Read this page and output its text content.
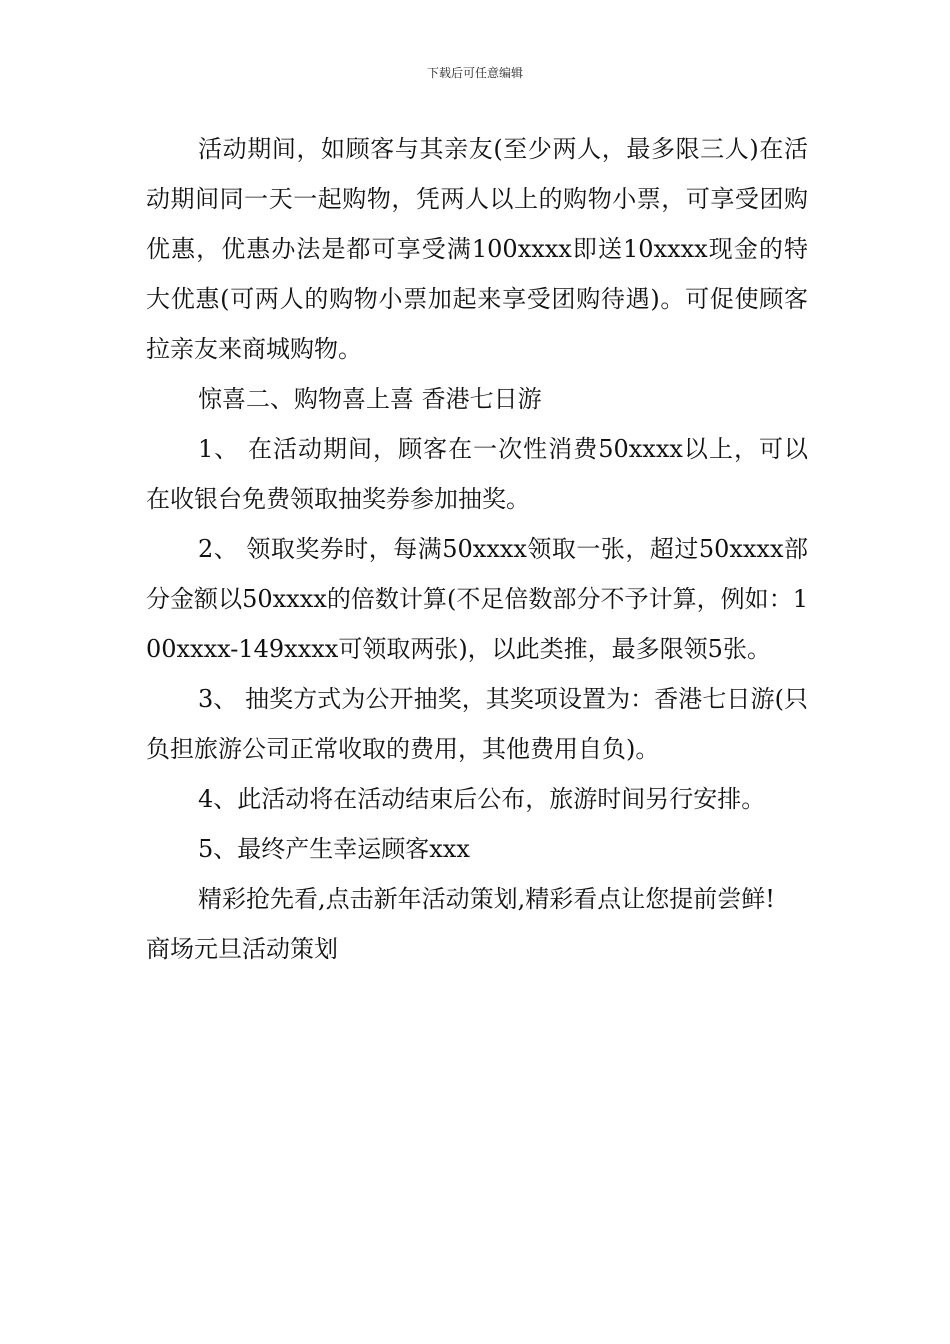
下载后可任意编辑

活动期间，如顾客与其亲友(至少两人，最多限三人)在活动期间同一天一起购物，凭两人以上的购物小票，可享受团购优惠，优惠办法是都可享受满100xxxx即送10xxxx现金的特大优惠(可两人的购物小票加起来享受团购待遇)。可促使顾客拉亲友来商城购物。

惊喜二、购物喜上喜 香港七日游

1、 在活动期间，顾客在一次性消费50xxxx以上，可以在收银台免费领取抽奖券参加抽奖。

2、 领取奖券时，每满50xxxx领取一张，超过50xxxx部分金额以50xxxx的倍数计算(不足倍数部分不予计算，例如：100xxxx-149xxxx可领取两张)，以此类推，最多限领5张。

3、 抽奖方式为公开抽奖，其奖项设置为：香港七日游(只负担旅游公司正常收取的费用，其他费用自负)。

4、此活动将在活动结束后公布，旅游时间另行安排。

5、最终产生幸运顾客xxx

精彩抢先看,点击新年活动策划,精彩看点让您提前尝鲜!

商场元旦活动策划
